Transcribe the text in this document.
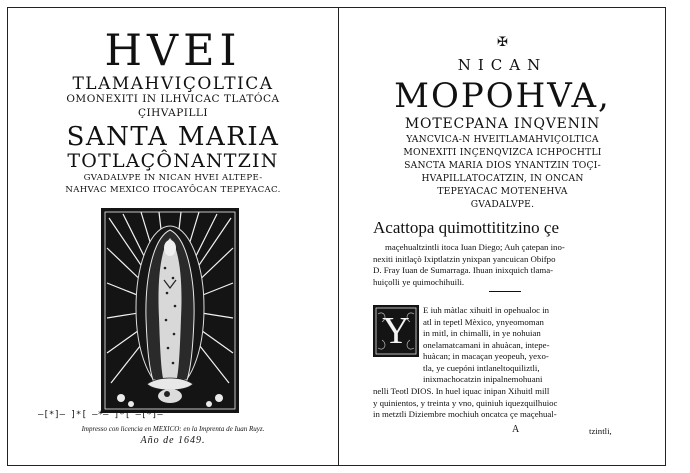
HVEI
TLAMAHVIÇOLTICA
OMONEXITI IN ILHVICAC TLATÓCA
ÇIHVAPILLI
SANTA MARIA
TOTLAÇÔNANTZIN
GVADALVPE IN NICAN HVEI ALTEPE-
NAHVAC MEXICO ITOCAYÔCAN TEPEYACAC.
—[*]— ]*[ —*— ]*[ —[*]—
Impresso con licencia en MEXICO: en la Imprenta de Iuan Ruyz.
Año de 1649.
✠
NICAN
MOPOHVA,
MOTECPANA INQVENIN
YANCVICA-N HVEITLAMAHVIÇOLTICA
MONEXITI INÇENQVIZCA ICHPOCHTLI
SANCTA MARIA DIOS YNANTZIN TOÇI-
HVAPILLATOCATZIN, IN ONCAN
TEPEYACAC MOTENEHVA
GVADALVPE.
Acattopa quimottititzino çe
maçehualtzintli itoca Iuan Diego; Auh çatepan ino-
nexiti initlaçò Ixiptlatzin ynixpan yancuican Obifpo
D. Fray Iuan de Sumarraga. Ihuan inixquich tlama-
huiçolli ye quimochihuili.
Y	E iuh màtlac xihuitl in opehualoc in
atl in tepetl Mèxico, ynyeomoman
in mitl, in chimalli, in ye nohuian
onelamatcamani in ahuàcan, intepe-
huàcan; in macaçan yeopeuh, yexo-
tla, ye cuepóni intlaneltoquiliztli,
inixmachocatzin inipalnemohuani
nelli Teotl DIOS. In huel iquac inipan Xihuitl mill
y quinientos, y treinta y vno, quiniuh iquezquilhuioc
in metztli Diziembre mochiuh oncatca çe maçehual-
A	tzintli,
